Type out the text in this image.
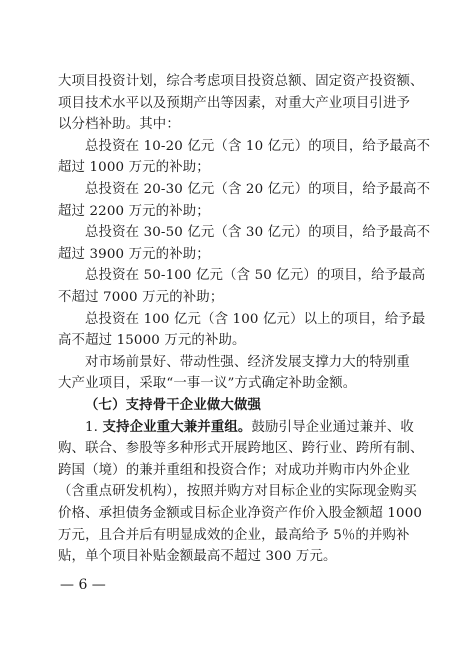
大项目投资计划，综合考虑项目投资总额、固定资产投资额、
项目技术水平以及预期产出等因素，对重大产业项目引进予
以分档补助。其中：
总投资在 10-20 亿元（含 10 亿元）的项目，给予最高不
超过 1000 万元的补助；
总投资在 20-30 亿元（含 20 亿元）的项目，给予最高不
超过 2200 万元的补助；
总投资在 30-50 亿元（含 30 亿元）的项目，给予最高不
超过 3900 万元的补助；
总投资在 50-100 亿元（含 50 亿元）的项目，给予最高
不超过 7000 万元的补助；
总投资在 100 亿元（含 100 亿元）以上的项目，给予最
高不超过 15000 万元的补助。
对市场前景好、带动性强、经济发展支撑力大的特别重
大产业项目，采取“一事一议”方式确定补助金额。
（七）支持骨干企业做大做强
1. 支持企业重大兼并重组。鼓励引导企业通过兼并、收
购、联合、参股等多种形式开展跨地区、跨行业、跨所有制、
跨国（境）的兼并重组和投资合作；对成功并购市内外企业
（含重点研发机构），按照并购方对目标企业的实际现金购买
价格、承担债务金额或目标企业净资产作价入股金额超 1000
万元，且合并后有明显成效的企业，最高给予 5％的并购补
贴，单个项目补贴金额最高不超过 300 万元。
— 6 —
